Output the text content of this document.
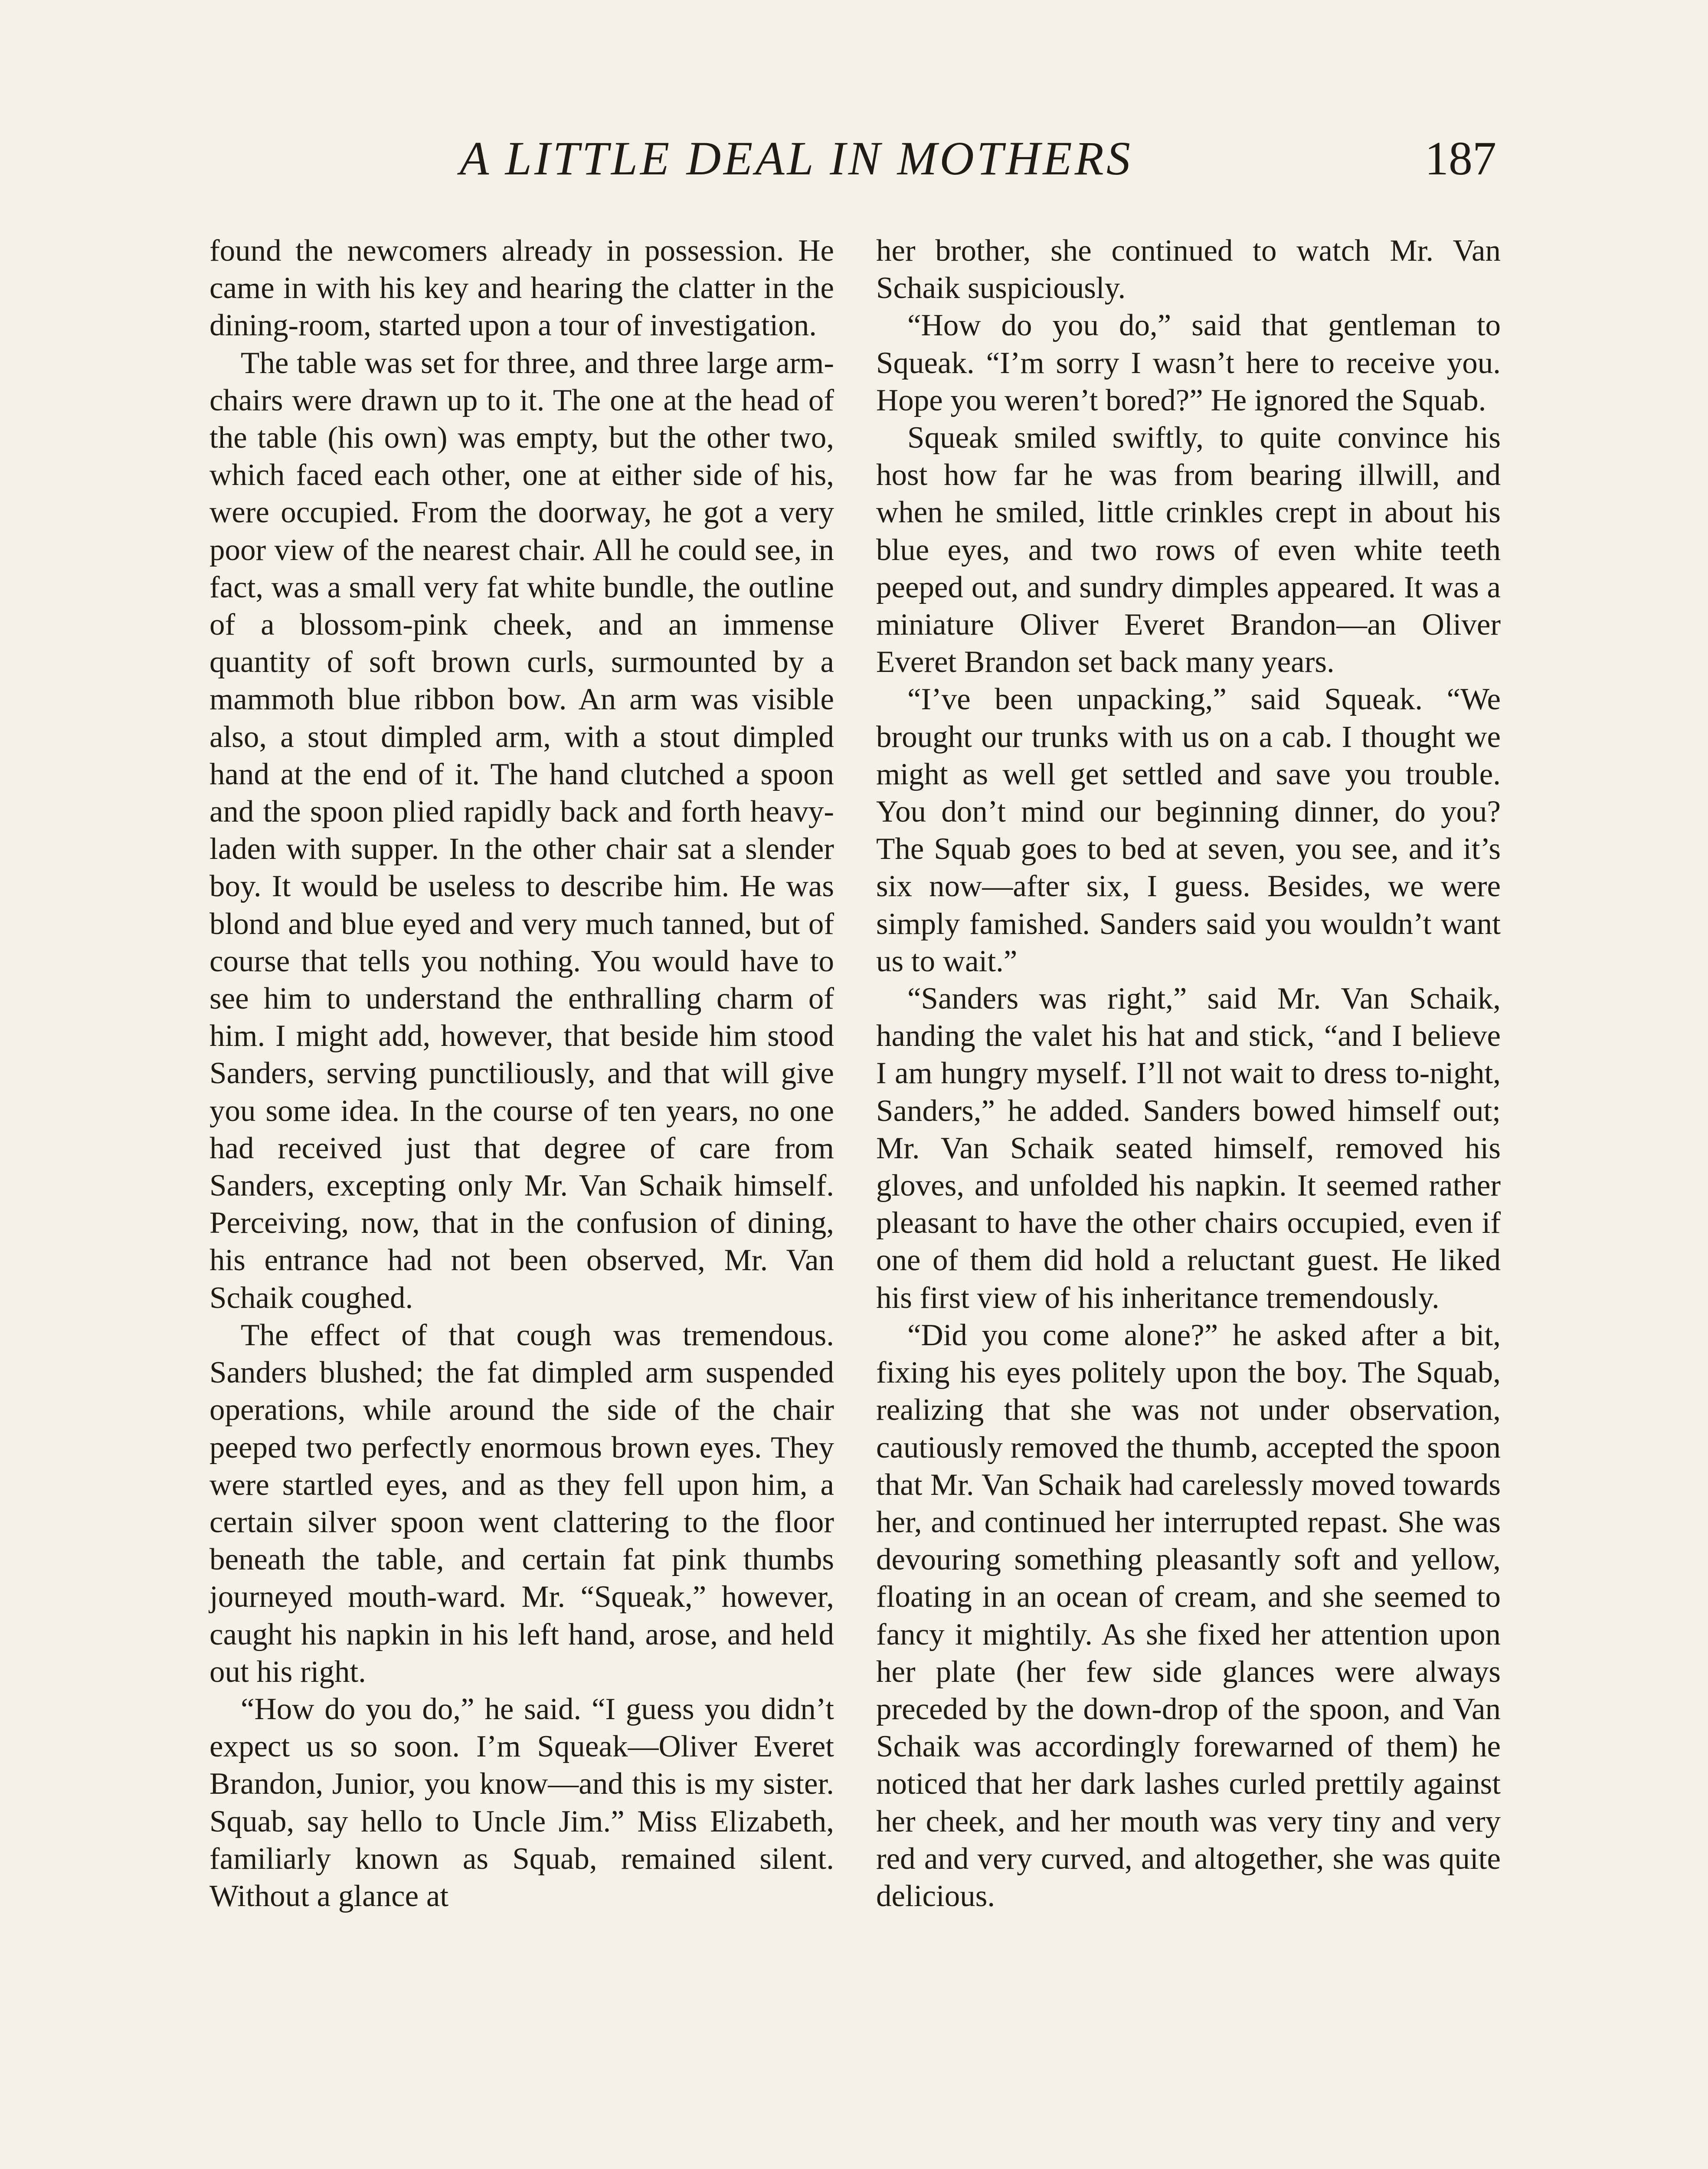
A LITTLE DEAL IN MOTHERS	187

found the newcomers already in possession. He came in with his key and hearing the clatter in the dining-room, started upon a tour of investigation.

The table was set for three, and three large arm-chairs were drawn up to it. The one at the head of the table (his own) was empty, but the other two, which faced each other, one at either side of his, were occupied. From the doorway, he got a very poor view of the nearest chair. All he could see, in fact, was a small very fat white bundle, the outline of a blossom-pink cheek, and an immense quantity of soft brown curls, surmounted by a mammoth blue ribbon bow. An arm was visible also, a stout dimpled arm, with a stout dimpled hand at the end of it. The hand clutched a spoon and the spoon plied rapidly back and forth heavy-laden with supper. In the other chair sat a slender boy. It would be useless to describe him. He was blond and blue eyed and very much tanned, but of course that tells you nothing. You would have to see him to understand the enthralling charm of him. I might add, however, that beside him stood Sanders, serving punctiliously, and that will give you some idea. In the course of ten years, no one had received just that degree of care from Sanders, excepting only Mr. Van Schaik himself. Perceiving, now, that in the confusion of dining, his entrance had not been observed, Mr. Van Schaik coughed.

The effect of that cough was tremendous. Sanders blushed; the fat dimpled arm suspended operations, while around the side of the chair peeped two perfectly enormous brown eyes. They were startled eyes, and as they fell upon him, a certain silver spoon went clattering to the floor beneath the table, and certain fat pink thumbs journeyed mouth-ward. Mr. “Squeak,” however, caught his napkin in his left hand, arose, and held out his right.

“How do you do,” he said. “I guess you didn’t expect us so soon. I’m Squeak—Oliver Everet Brandon, Junior, you know—and this is my sister. Squab, say hello to Uncle Jim.” Miss Elizabeth, familiarly known as Squab, remained silent. Without a glance at

her brother, she continued to watch Mr. Van Schaik suspiciously.

“How do you do,” said that gentleman to Squeak. “I’m sorry I wasn’t here to receive you. Hope you weren’t bored?” He ignored the Squab.

Squeak smiled swiftly, to quite convince his host how far he was from bearing illwill, and when he smiled, little crinkles crept in about his blue eyes, and two rows of even white teeth peeped out, and sundry dimples appeared. It was a miniature Oliver Everet Brandon—an Oliver Everet Brandon set back many years.

“I’ve been unpacking,” said Squeak. “We brought our trunks with us on a cab. I thought we might as well get settled and save you trouble. You don’t mind our beginning dinner, do you? The Squab goes to bed at seven, you see, and it’s six now—after six, I guess. Besides, we were simply famished. Sanders said you wouldn’t want us to wait.”

“Sanders was right,” said Mr. Van Schaik, handing the valet his hat and stick, “and I believe I am hungry myself. I’ll not wait to dress to-night, Sanders,” he added. Sanders bowed himself out; Mr. Van Schaik seated himself, removed his gloves, and unfolded his napkin. It seemed rather pleasant to have the other chairs occupied, even if one of them did hold a reluctant guest. He liked his first view of his inheritance tremendously.

“Did you come alone?” he asked after a bit, fixing his eyes politely upon the boy. The Squab, realizing that she was not under observation, cautiously removed the thumb, accepted the spoon that Mr. Van Schaik had carelessly moved towards her, and continued her interrupted repast. She was devouring something pleasantly soft and yellow, floating in an ocean of cream, and she seemed to fancy it mightily. As she fixed her attention upon her plate (her few side glances were always preceded by the down-drop of the spoon, and Van Schaik was accordingly forewarned of them) he noticed that her dark lashes curled prettily against her cheek, and her mouth was very tiny and very red and very curved, and altogether, she was quite delicious.
